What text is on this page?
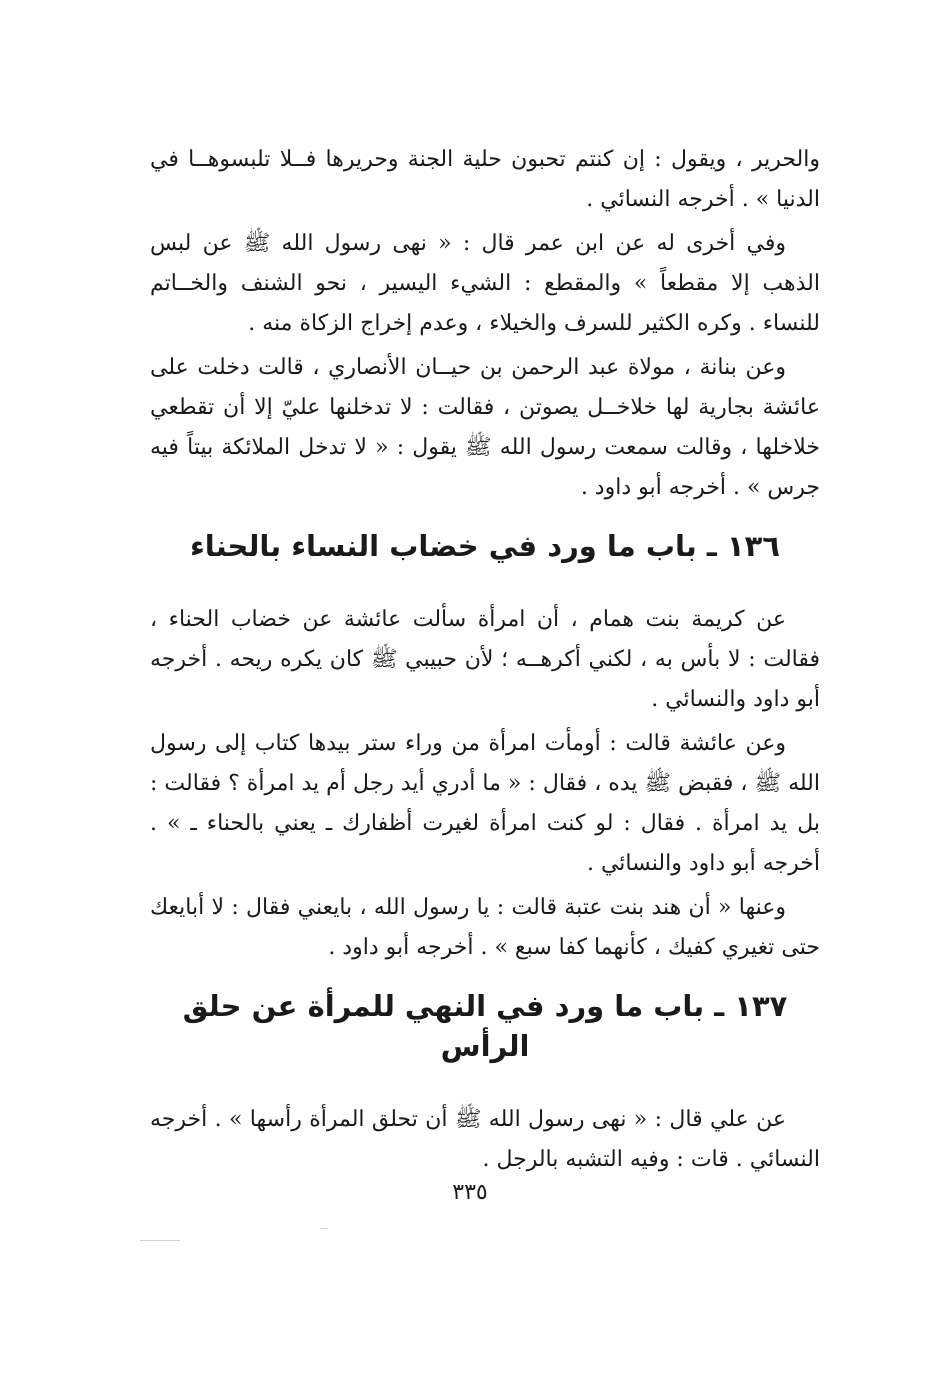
والحرير ، ويقول : إن كنتم تحبون حلية الجنة وحريرها فــلا تلبسوهــا في الدنيا » . أخرجه النسائي .

وفي أخرى له عن ابن عمر قال : « نهى رسول الله ﷺ عن لبس الذهب إلا مقطعاً » والمقطع : الشيء اليسير ، نحو الشنف والخــاتم للنساء . وكره الكثير للسرف والخيلاء ، وعدم إخراج الزكاة منه .

وعن بنانة ، مولاة عبد الرحمن بن حيــان الأنصاري ، قالت دخلت على عائشة بجارية لها خلاخــل يصوتن ، فقالت : لا تدخلنها عليّ إلا أن تقطعي خلاخلها ، وقالت سمعت رسول الله ﷺ يقول : « لا تدخل الملائكة بيتاً فيه جرس » . أخرجه أبو داود .

١٣٦ ـ باب ما ورد في خضاب النساء بالحناء

عن كريمة بنت همام ، أن امرأة سألت عائشة عن خضاب الحناء ، فقالت : لا بأس به ، لكني أكرهــه ؛ لأن حبيبي ﷺ كان يكره ريحه . أخرجه أبو داود والنسائي .

وعن عائشة قالت : أومأت امرأة من وراء ستر بيدها كتاب إلى رسول الله ﷺ ، فقبض ﷺ يده ، فقال : « ما أدري أيد رجل أم يد امرأة ؟ فقالت : بل يد امرأة . فقال : لو كنت امرأة لغيرت أظفارك ـ يعني بالحناء ـ » . أخرجه أبو داود والنسائي .

وعنها « أن هند بنت عتبة قالت : يا رسول الله ، بايعني فقال : لا أبايعك حتى تغيري كفيك ، كأنهما كفا سبع » . أخرجه أبو داود .

١٣٧ ـ باب ما ورد في النهي للمرأة عن حلق الرأس

عن علي قال : « نهى رسول الله ﷺ أن تحلق المرأة رأسها » . أخرجه النسائي . قات : وفيه التشبه بالرجل .

٣٣٥
